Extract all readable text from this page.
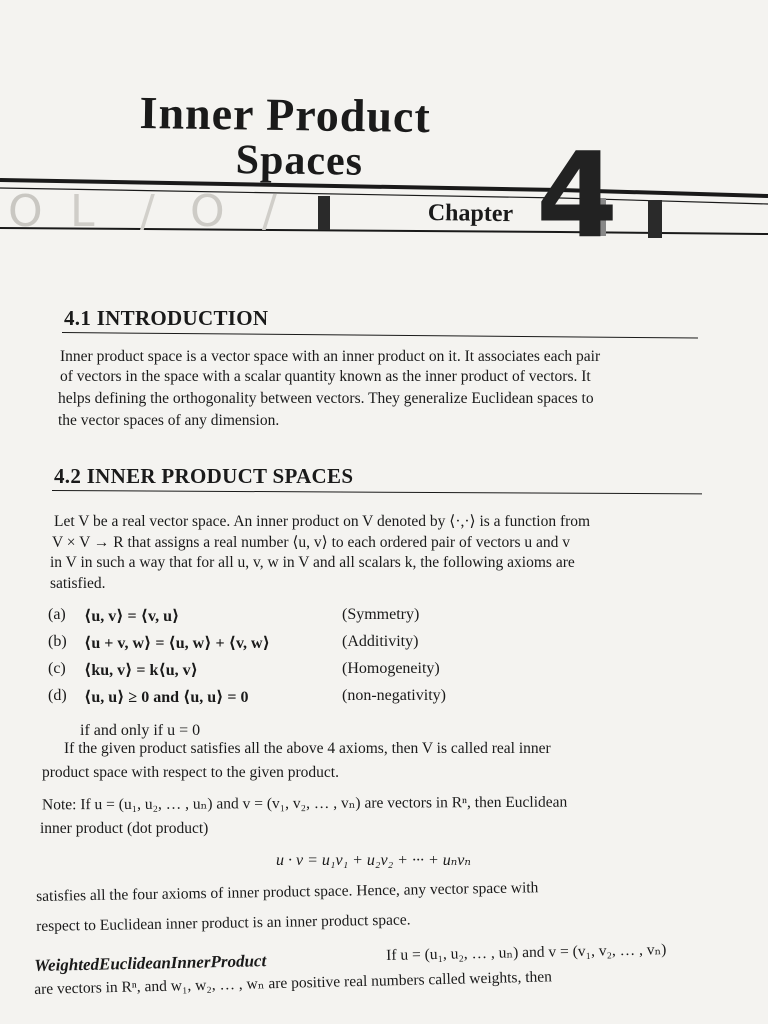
Inner Product
Spaces
O L / O /	Chapter 4
4.1 INTRODUCTION
Inner product space is a vector space with an inner product on it. It associates each pair
of vectors in the space with a scalar quantity known as the inner product of vectors. It
helps defining the orthogonality between vectors. They generalize Euclidean spaces to
the vector spaces of any dimension.
4.2 INNER PRODUCT SPACES
Let V be a real vector space. An inner product on V denoted by ⟨·,·⟩ is a function from
V × V → R that assigns a real number ⟨u, v⟩ to each ordered pair of vectors u and v
in V in such a way that for all u, v, w in V and all scalars k, the following axioms are
satisfied.
(a) ⟨u, v⟩ = ⟨v, u⟩	(Symmetry)
(b) ⟨u + v, w⟩ = ⟨u, w⟩ + ⟨v, w⟩	(Additivity)
(c) ⟨ku, v⟩ = k⟨u, v⟩	(Homogeneity)
(d) ⟨u, u⟩ ≥ 0 and ⟨u, u⟩ = 0	(non-negativity)
if and only if u = 0
If the given product satisfies all the above 4 axioms, then V is called real inner
product space with respect to the given product.
Note: If u = (u₁, u₂, … , uₙ) and v = (v₁, v₂, … , vₙ) are vectors in Rⁿ, then Euclidean
inner product (dot product)
u · v = u₁v₁ + u₂v₂ + ··· + uₙvₙ
satisfies all the four axioms of inner product space. Hence, any vector space with
respect to Euclidean inner product is an inner product space.
WeightedEuclideanInnerProduct	If u = (u₁, u₂, … , uₙ) and v = (v₁, v₂, … , vₙ)
are vectors in Rⁿ, and w₁, w₂, … , wₙ are positive real numbers called weights, then
